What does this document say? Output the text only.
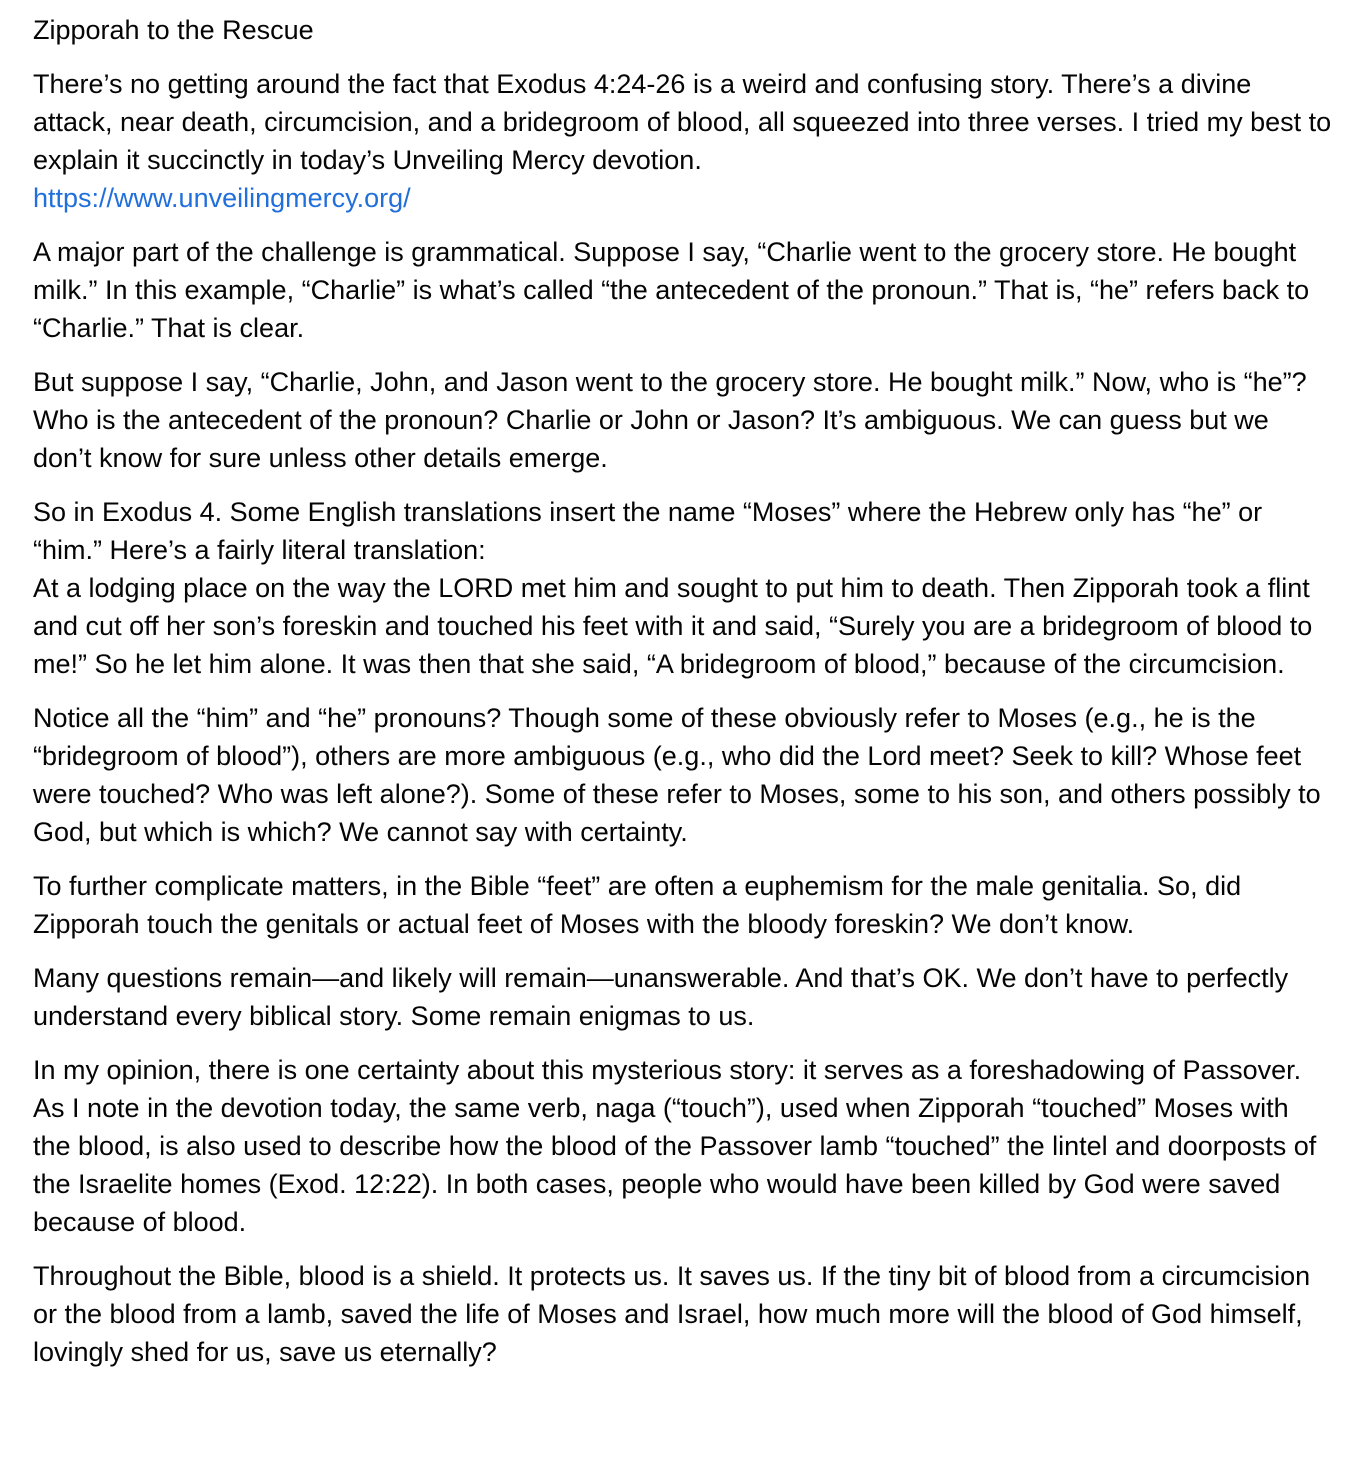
Zipporah to the Rescue

There’s no getting around the fact that Exodus 4:24-26 is a weird and confusing story. There’s a divine attack, near death, circumcision, and a bridegroom of blood, all squeezed into three verses. I tried my best to explain it succinctly in today’s Unveiling Mercy devotion.
https://www.unveilingmercy.org/

A major part of the challenge is grammatical. Suppose I say, “Charlie went to the grocery store. He bought milk.” In this example, “Charlie” is what’s called “the antecedent of the pronoun.” That is, “he” refers back to “Charlie.” That is clear.

But suppose I say, “Charlie, John, and Jason went to the grocery store. He bought milk.” Now, who is “he”? Who is the antecedent of the pronoun? Charlie or John or Jason? It’s ambiguous. We can guess but we don’t know for sure unless other details emerge.

So in Exodus 4. Some English translations insert the name “Moses” where the Hebrew only has “he” or “him.” Here’s a fairly literal translation:
At a lodging place on the way the LORD met him and sought to put him to death. Then Zipporah took a flint and cut off her son’s foreskin and touched his feet with it and said, “Surely you are a bridegroom of blood to me!” So he let him alone. It was then that she said, “A bridegroom of blood,” because of the circumcision.

Notice all the “him” and “he” pronouns? Though some of these obviously refer to Moses (e.g., he is the “bridegroom of blood”), others are more ambiguous (e.g., who did the Lord meet? Seek to kill? Whose feet were touched? Who was left alone?). Some of these refer to Moses, some to his son, and others possibly to God, but which is which? We cannot say with certainty.

To further complicate matters, in the Bible “feet” are often a euphemism for the male genitalia. So, did Zipporah touch the genitals or actual feet of Moses with the bloody foreskin? We don’t know.

Many questions remain—and likely will remain—unanswerable. And that’s OK. We don’t have to perfectly understand every biblical story. Some remain enigmas to us.

In my opinion, there is one certainty about this mysterious story: it serves as a foreshadowing of Passover. As I note in the devotion today, the same verb, naga (“touch”), used when Zipporah “touched” Moses with the blood, is also used to describe how the blood of the Passover lamb “touched” the lintel and doorposts of the Israelite homes (Exod. 12:22). In both cases, people who would have been killed by God were saved because of blood.

Throughout the Bible, blood is a shield. It protects us. It saves us. If the tiny bit of blood from a circumcision or the blood from a lamb, saved the life of Moses and Israel, how much more will the blood of God himself, lovingly shed for us, save us eternally?
